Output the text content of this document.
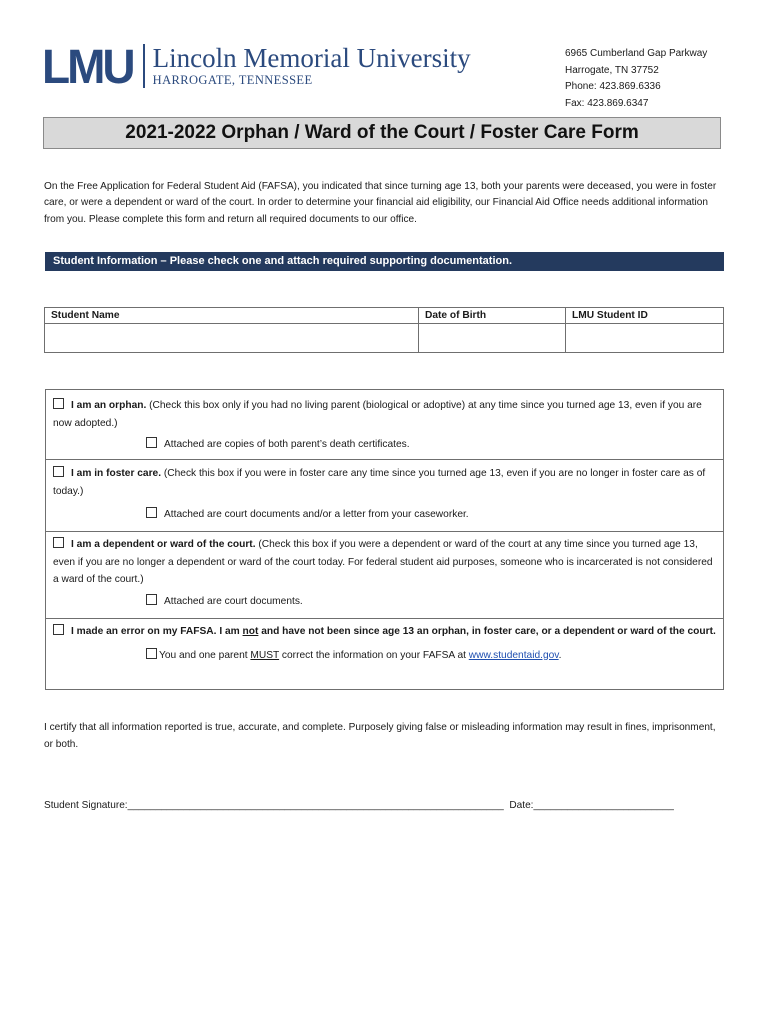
LMU Lincoln Memorial University
HARROGATE, TENNESSEE
6965 Cumberland Gap Parkway
Harrogate, TN 37752
Phone: 423.869.6336
Fax: 423.869.6347
2021-2022 Orphan / Ward of the Court / Foster Care Form
On the Free Application for Federal Student Aid (FAFSA), you indicated that since turning age 13, both your parents were deceased, you were in foster care, or were a dependent or ward of the court. In order to determine your financial aid eligibility, our Financial Aid Office needs additional information from you. Please complete this form and return all required documents to our office.
Student Information – Please check one and attach required supporting documentation.
Student Name	Date of Birth	LMU Student ID

I am an orphan. (Check this box only if you had no living parent (biological or adoptive) at any time since you turned age 13, even if you are now adopted.)
Attached are copies of both parent’s death certificates.
I am in foster care. (Check this box if you were in foster care any time since you turned age 13, even if you are no longer in foster care as of today.)
Attached are court documents and/or a letter from your caseworker.
I am a dependent or ward of the court. (Check this box if you were a dependent or ward of the court at any time since you turned age 13, even if you are no longer a dependent or ward of the court today. For federal student aid purposes, someone who is incarcerated is not considered a ward of the court.)
Attached are court documents.
I made an error on my FAFSA. I am not and have not been since age 13 an orphan, in foster care, or a dependent or ward of the court.
You and one parent MUST correct the information on your FAFSA at www.studentaid.gov.
I certify that all information reported is true, accurate, and complete. Purposely giving false or misleading information may result in fines, imprisonment, or both.
Student Signature:___________________________________________________________________ Date:_________________________
